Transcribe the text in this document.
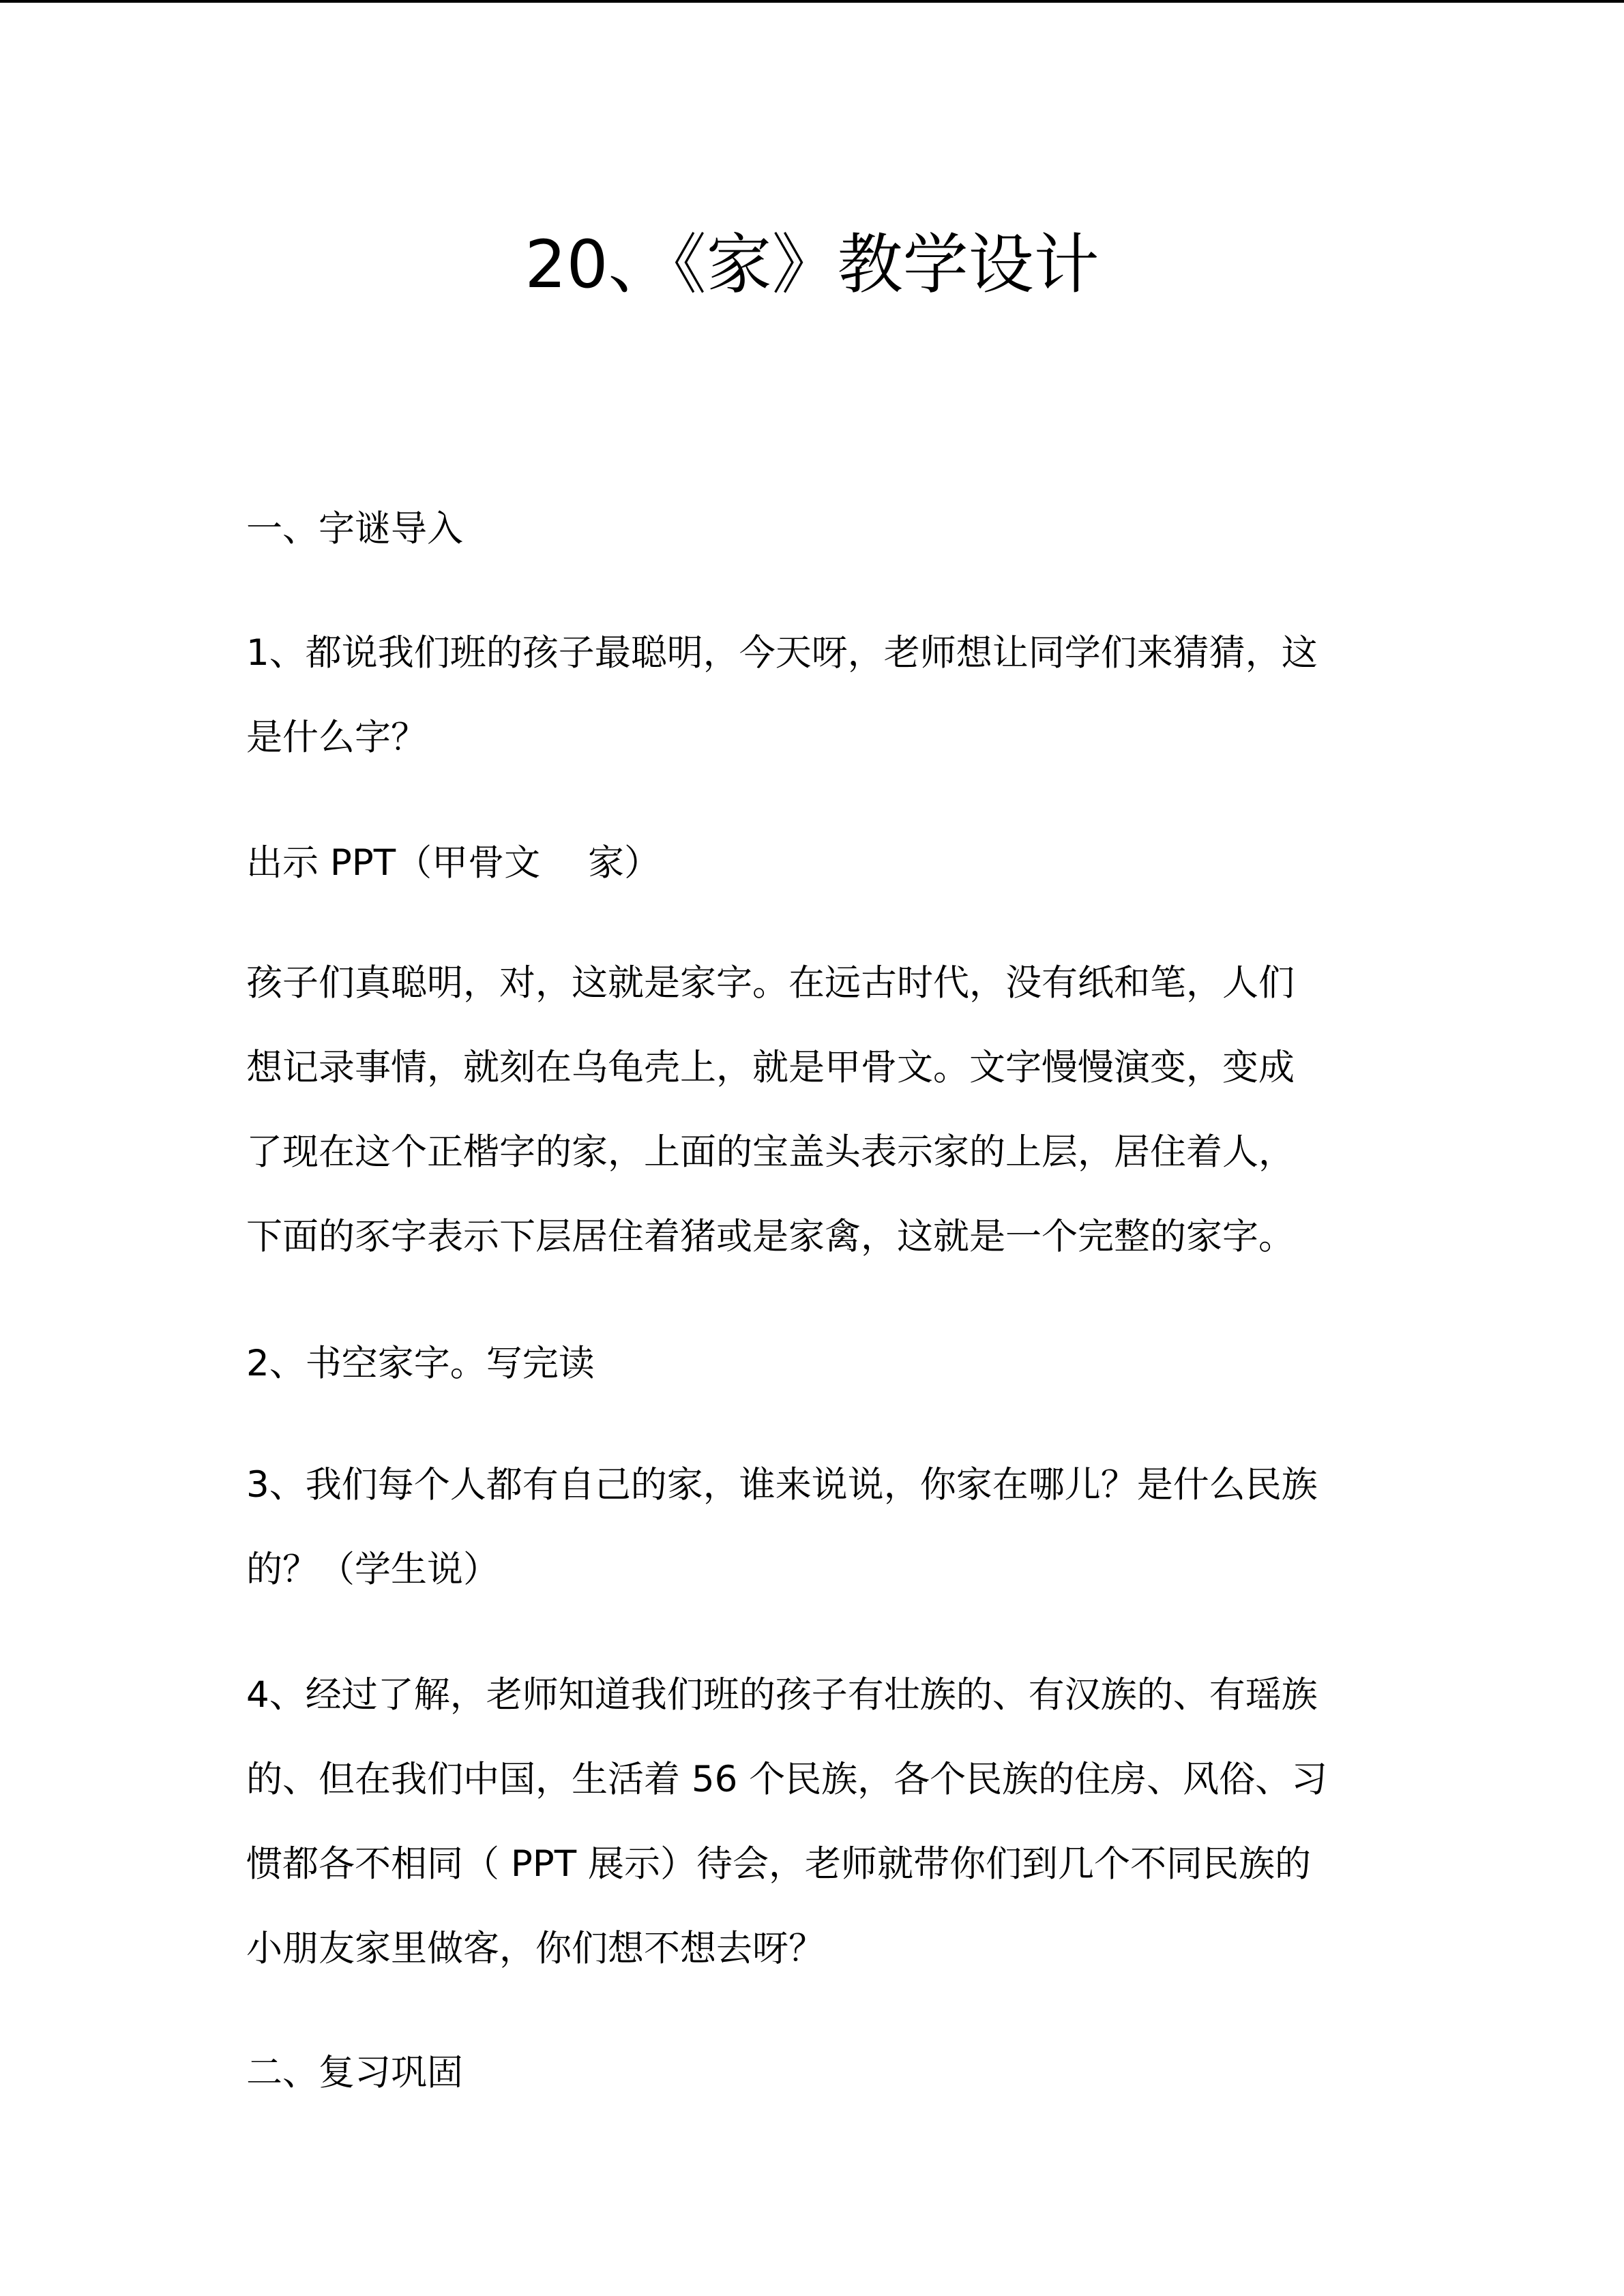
20、《家》教学设计
一、字谜导入
1、都说我们班的孩子最聪明，今天呀，老师想让同学们来猜猜，这
是什么字？
出示 PPT（甲骨文　 家）
孩子们真聪明，对，这就是家字。在远古时代，没有纸和笔，人们
想记录事情，就刻在乌龟壳上，就是甲骨文。文字慢慢演变，变成
了现在这个正楷字的家，上面的宝盖头表示家的上层，居住着人，
下面的豕字表示下层居住着猪或是家禽，这就是一个完整的家字。
2、书空家字。写完读
3、我们每个人都有自己的家，谁来说说，你家在哪儿？是什么民族
的？（学生说）
4、经过了解，老师知道我们班的孩子有壮族的、有汉族的、有瑶族
的、但在我们中国，生活着 56 个民族，各个民族的住房、风俗、习
惯都各不相同（ PPT 展示）待会，老师就带你们到几个不同民族的
小朋友家里做客，你们想不想去呀？
二、复习巩固
